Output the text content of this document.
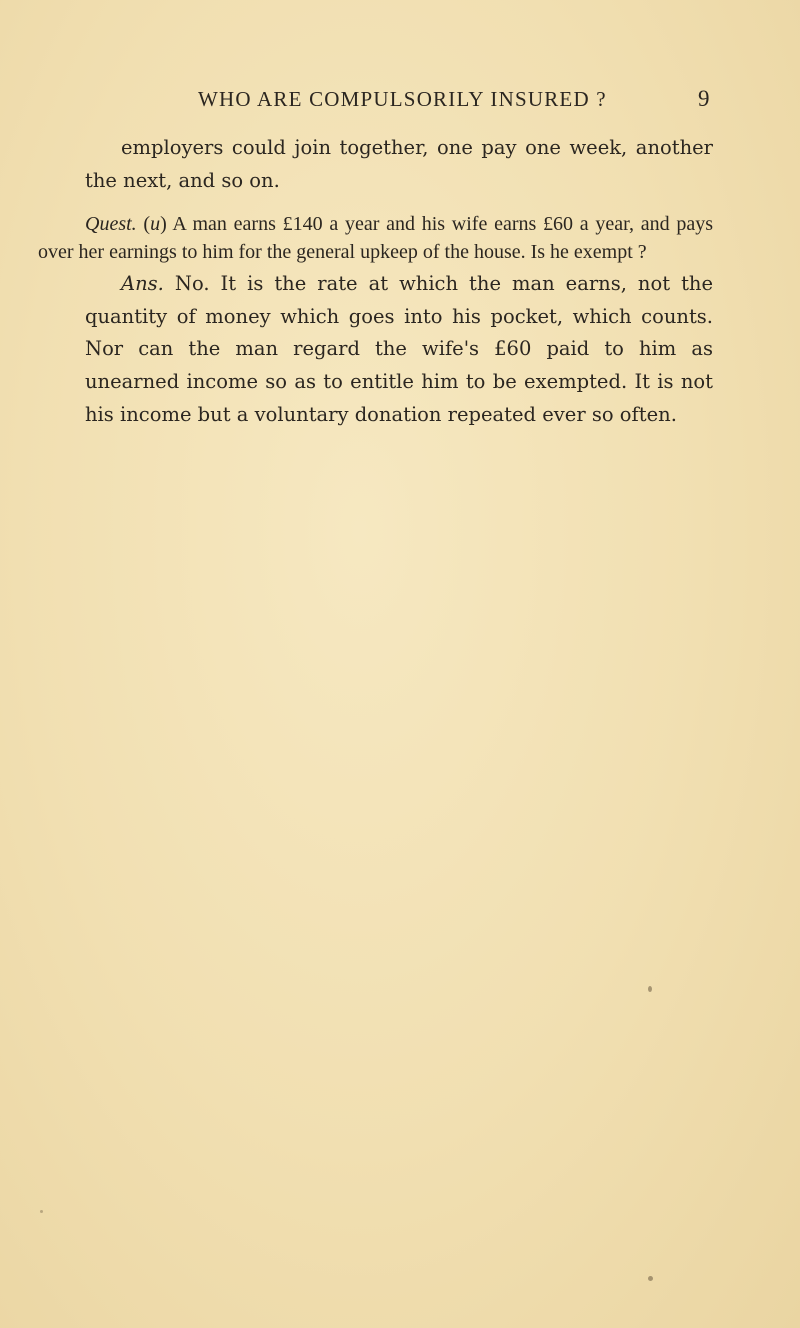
WHO ARE COMPULSORILY INSURED ?	9

employers could join together, one pay one week, another the next, and so on.

Quest. (u) A man earns £140 a year and his wife earns £60 a year, and pays over her earnings to him for the general upkeep of the house. Is he exempt ?

Ans. No. It is the rate at which the man earns, not the quantity of money which goes into his pocket, which counts. Nor can the man regard the wife's £60 paid to him as unearned income so as to entitle him to be exempted. It is not his income but a voluntary donation repeated ever so often.
